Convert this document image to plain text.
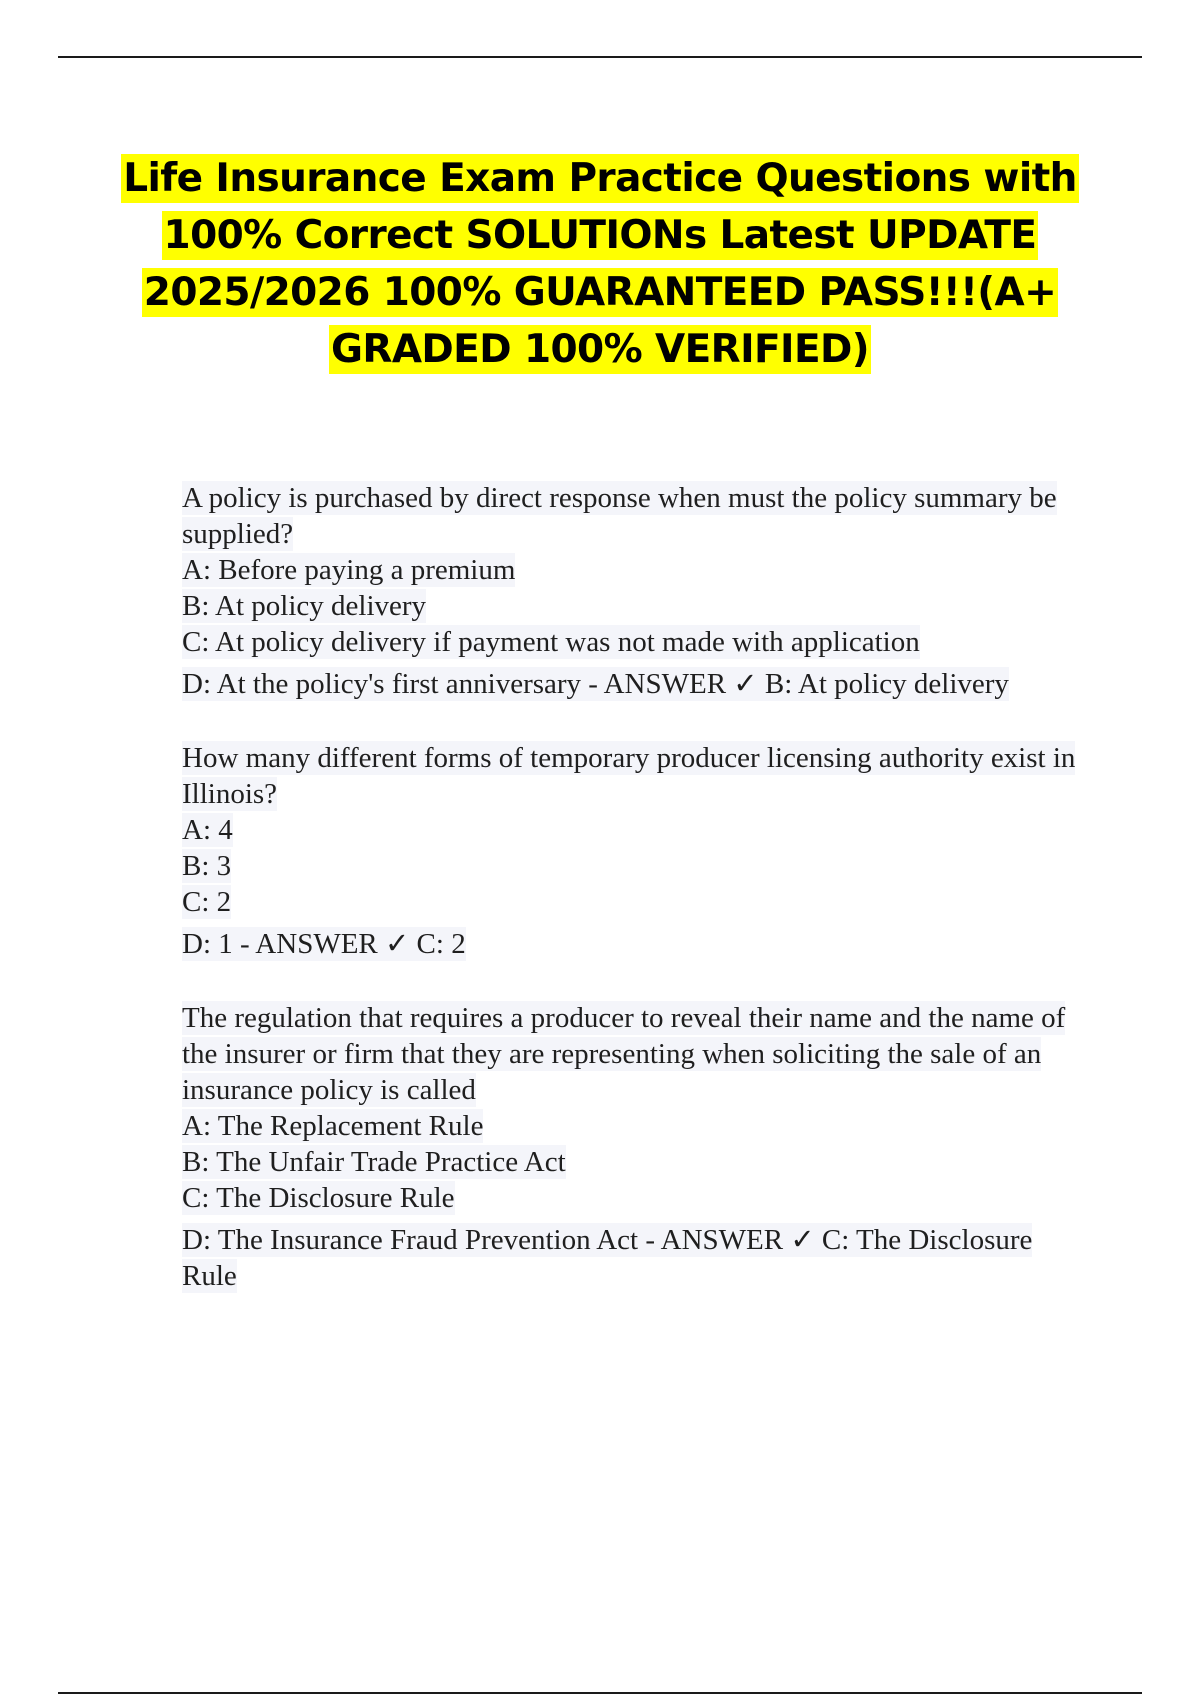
Life Insurance Exam Practice Questions with 100% Correct SOLUTIONs Latest UPDATE 2025/2026 100% GUARANTEED PASS!!!(A+ GRADED 100% VERIFIED)
A policy is purchased by direct response when must the policy summary be supplied?
A: Before paying a premium
B: At policy delivery
C: At policy delivery if payment was not made with application
D: At the policy's first anniversary - ANSWER ✓ B: At policy delivery
How many different forms of temporary producer licensing authority exist in Illinois?
A: 4
B: 3
C: 2
D: 1 - ANSWER ✓ C: 2
The regulation that requires a producer to reveal their name and the name of the insurer or firm that they are representing when soliciting the sale of an insurance policy is called
A: The Replacement Rule
B: The Unfair Trade Practice Act
C: The Disclosure Rule
D: The Insurance Fraud Prevention Act - ANSWER ✓ C: The Disclosure Rule
